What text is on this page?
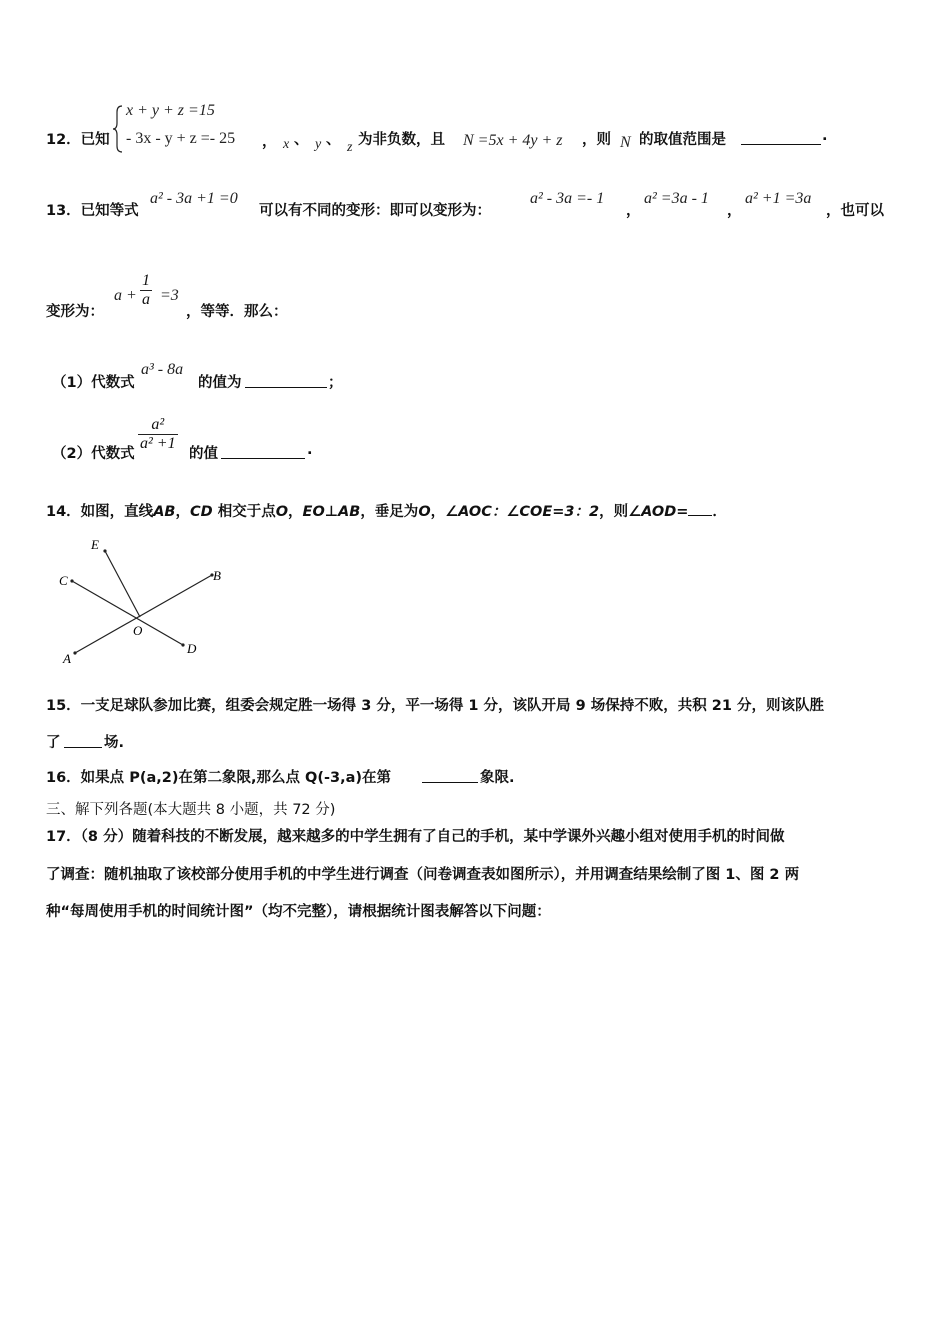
12．已知
x + y + z =15
- 3x - y + z =- 25 ， x 、 y 、 z 为非负数，且 N =5x + 4y + z ，则 N 的取值范围是	.
13．已知等式
a² - 3a +1 =0
可以有不同的变形：即可以变形为：
a² - 3a =- 1
，
a² =3a - 1
，
a² +1 =3a
，也可以
变形为：
$a + \frac{1}{a} =3$
，等等．那么：
（1）代数式
a³ - 8a
的值为	；
（2）代数式
$\frac{\text{a²}}{\text{a² +1}}$
的值	.
14．如图，直线AB，CD 相交于点O，EO⊥AB，垂足为O，∠AOC：∠COE=3：2，则∠AOD= ．
E
C	B
O
A
D
15．一支足球队参加比赛，组委会规定胜一场得 3 分，平一场得 1 分，该队开局 9 场保持不败，共积 21 分，则该队胜
了	场.
16．如果点 P(a,2)在第二象限,那么点 Q(-3,a)在第	象限.
三、解下列各题(本大题共 8 小题，共 72 分)
17．（8 分）随着科技的不断发展，越来越多的中学生拥有了自己的手机，某中学课外兴趣小组对使用手机的时间做
了调查：随机抽取了该校部分使用手机的中学生进行调查（问卷调查表如图所示），并用调查结果绘制了图 1、图 2 两
种“每周使用手机的时间统计图”（均不完整），请根据统计图表解答以下问题：
